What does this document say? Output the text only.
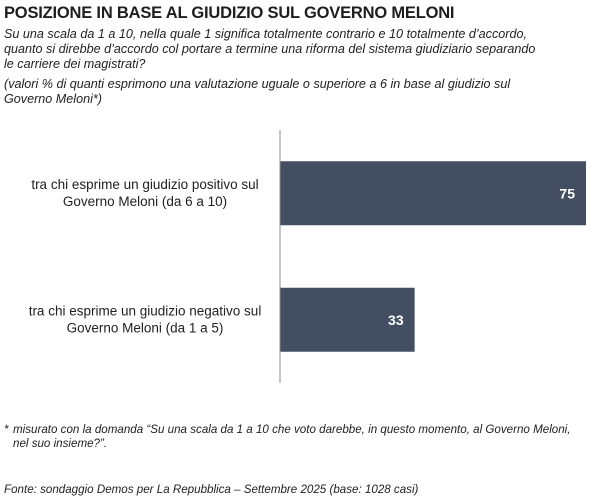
POSIZIONE IN BASE AL GIUDIZIO SUL GOVERNO MELONI
Su una scala da 1 a 10, nella quale 1 significa totalmente contrario e 10 totalmente d’accordo, quanto si direbbe d’accordo col portare a termine una riforma del sistema giudiziario separando le carriere dei magistrati?
(valori % di quanti esprimono una valutazione uguale o superiore a 6 in base al giudizio sul Governo Meloni*)
tra chi esprime un giudizio positivo sul Governo Meloni (da 6 a 10)
tra chi esprime un giudizio negativo sul Governo Meloni (da 1 a 5)
75
33
* misurato con la domanda “Su una scala da 1 a 10 che voto darebbe, in questo momento, al Governo Meloni, nel suo insieme?”.
Fonte: sondaggio Demos per La Repubblica – Settembre 2025 (base: 1028 casi)
